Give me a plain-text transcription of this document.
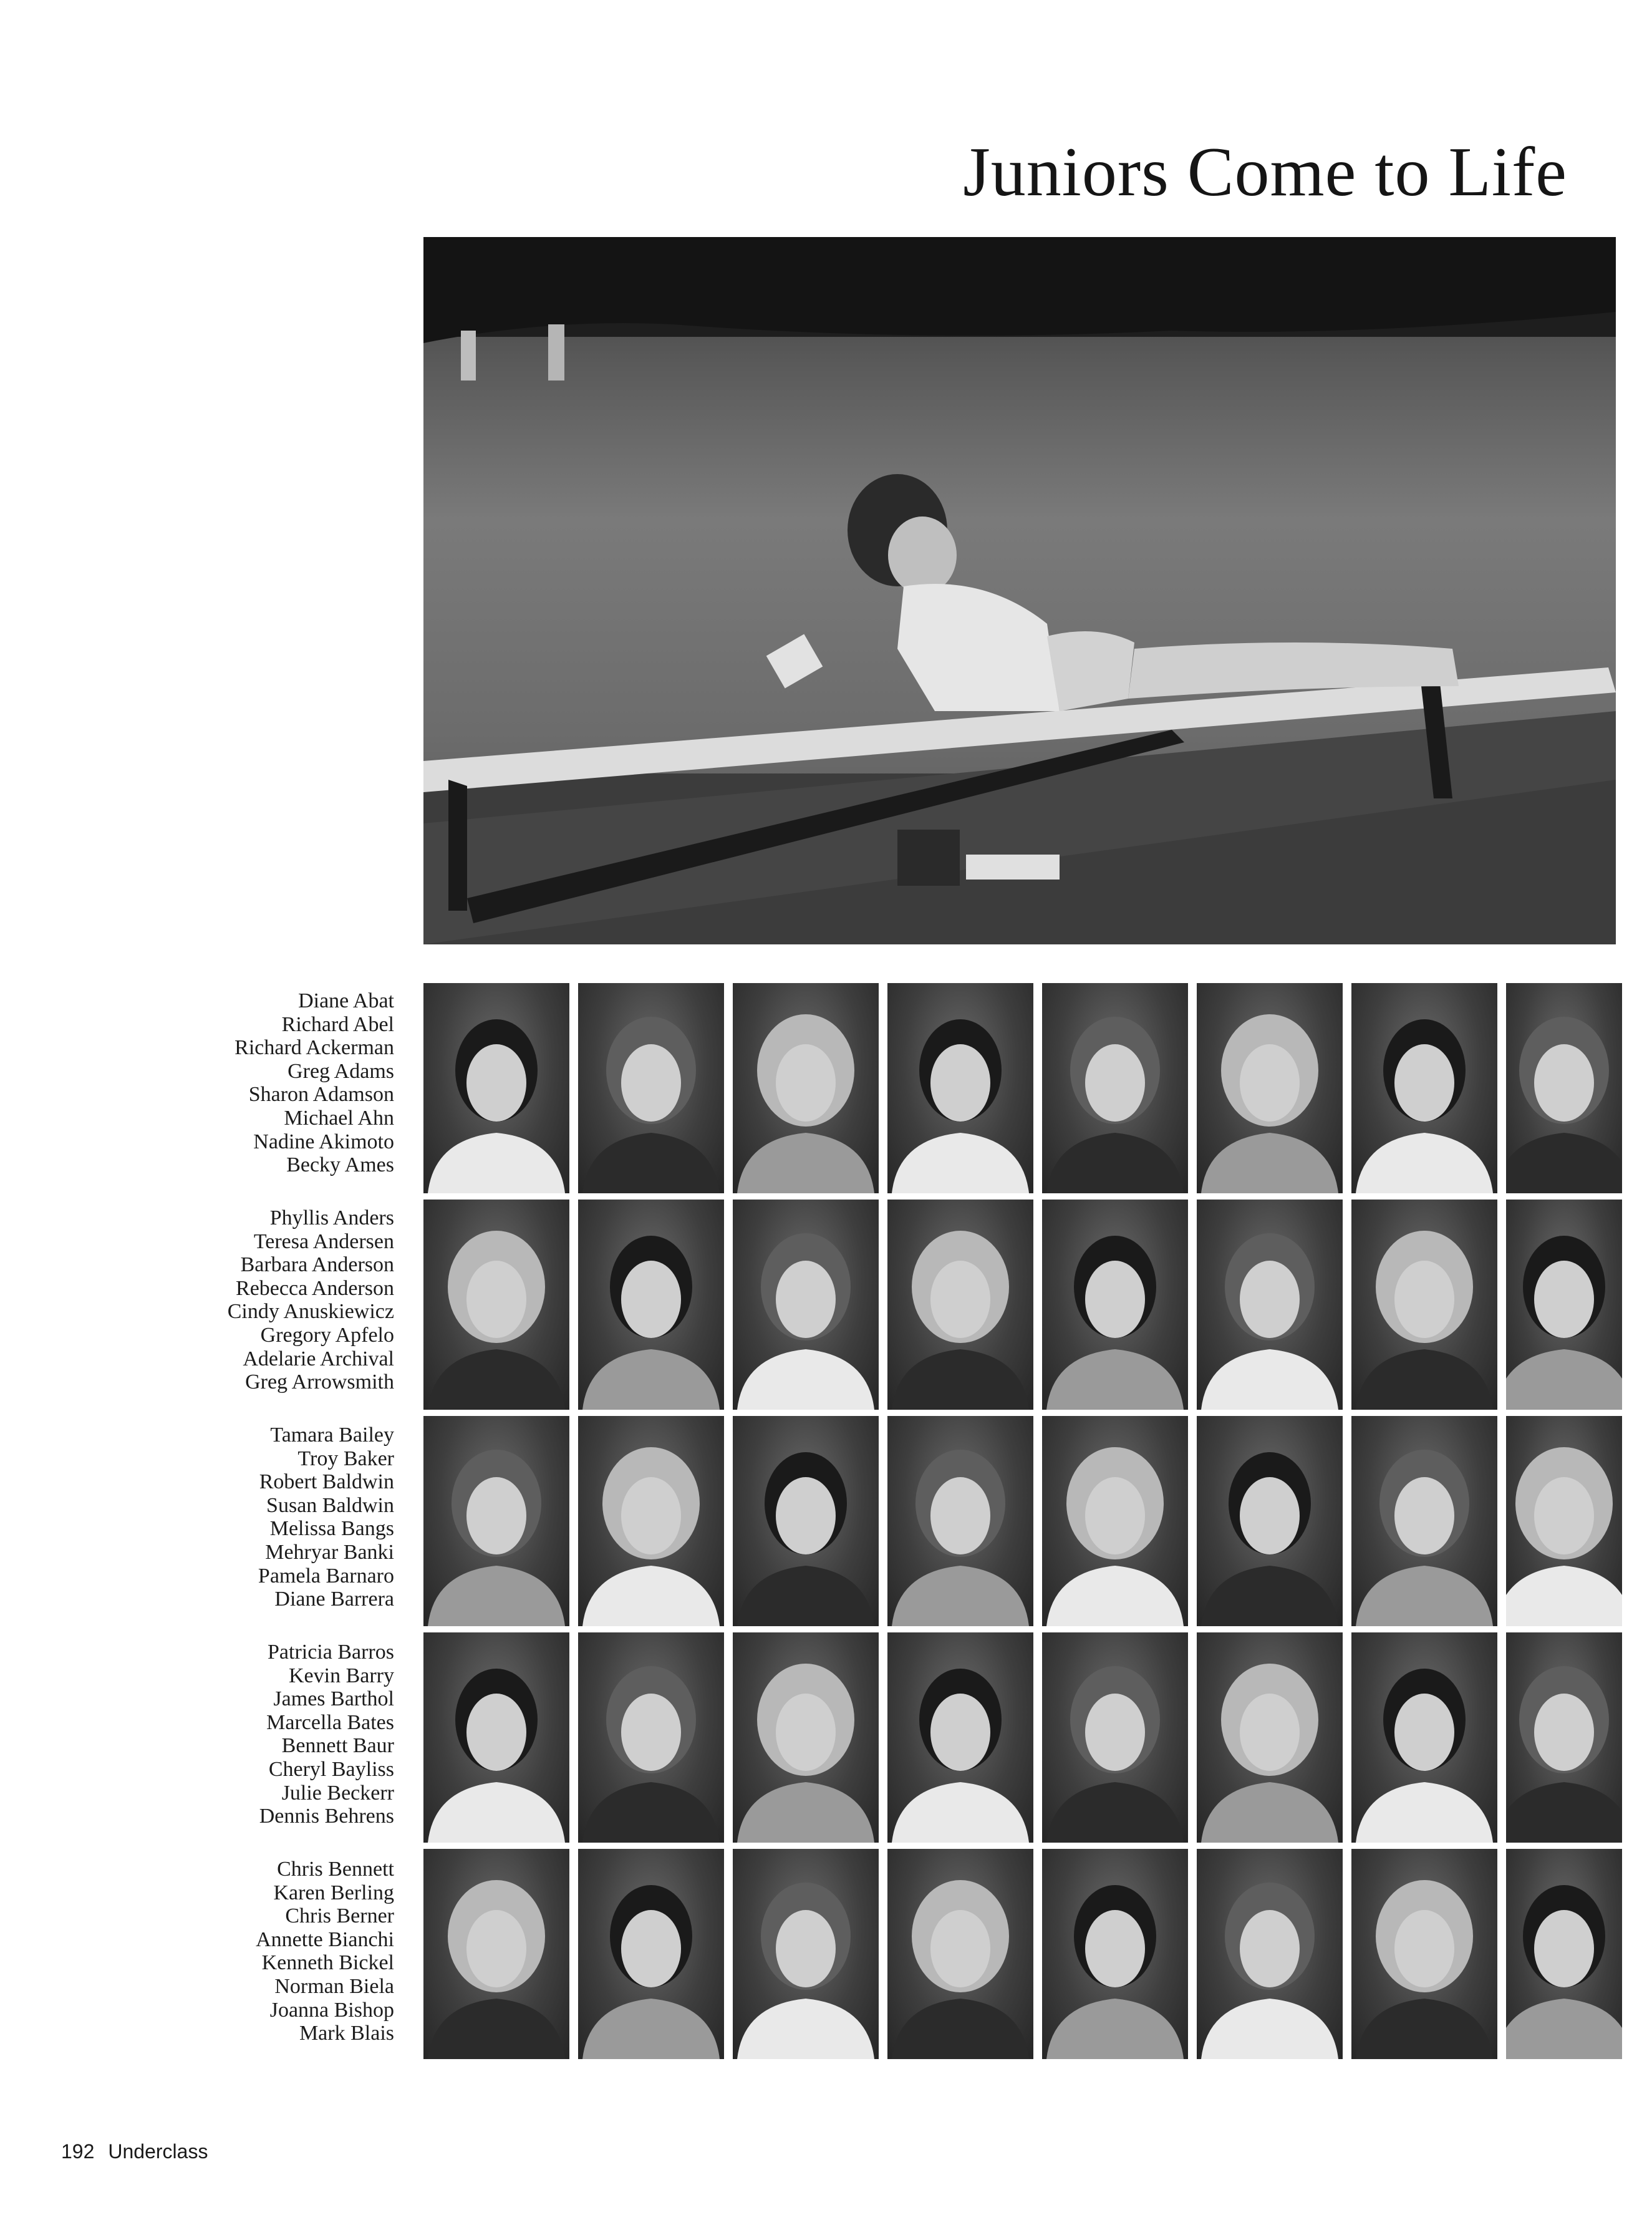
Juniors Come to Life
Diane Abat
Richard Abel
Richard Ackerman
Greg Adams
Sharon Adamson
Michael Ahn
Nadine Akimoto
Becky Ames
Phyllis Anders
Teresa Andersen
Barbara Anderson
Rebecca Anderson
Cindy Anuskiewicz
Gregory Apfelo
Adelarie Archival
Greg Arrowsmith
Tamara Bailey
Troy Baker
Robert Baldwin
Susan Baldwin
Melissa Bangs
Mehryar Banki
Pamela Barnaro
Diane Barrera
Patricia Barros
Kevin Barry
James Barthol
Marcella Bates
Bennett Baur
Cheryl Bayliss
Julie Beckerr
Dennis Behrens
Chris Bennett
Karen Berling
Chris Berner
Annette Bianchi
Kenneth Bickel
Norman Biela
Joanna Bishop
Mark Blais
192 Underclass
